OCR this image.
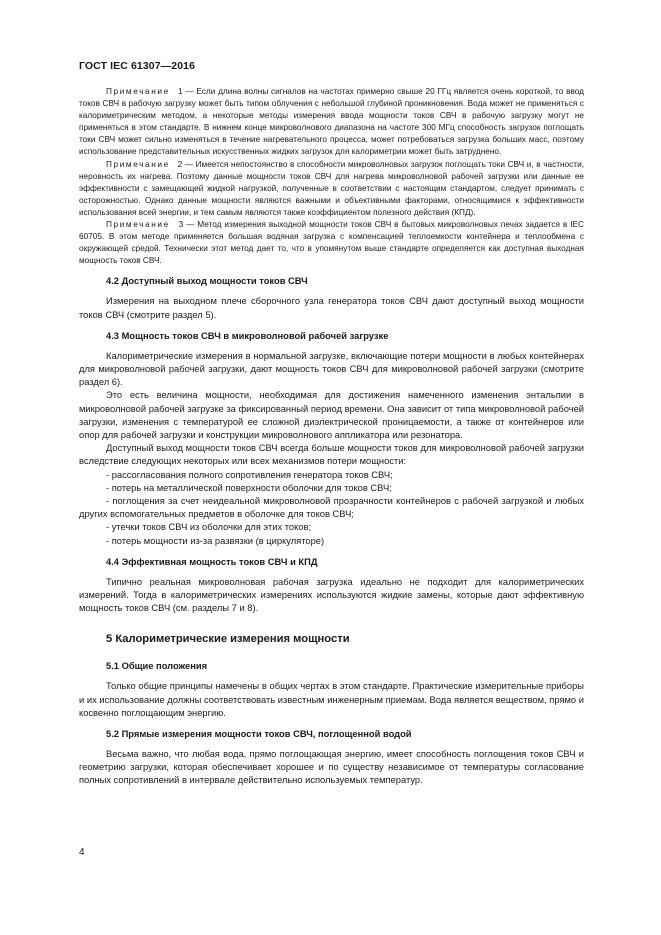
ГОСТ IEC 61307—2016

Примечание 1 — Если длина волны сигналов на частотах примерно свыше 20 ГГц является очень короткой, то ввод токов СВЧ в рабочую загрузку может быть типом облучения с небольшой глубиной проникновения. Вода может не применяться с калориметрическим методом, а некоторые методы измерения ввода мощности токов СВЧ в рабочую загрузку могут не применяться в этом стандарте. В нижнем конце микроволнового диапазона на частоте 300 МГц способность загрузок поглощать токи СВЧ может сильно изменяться в течение нагревательного процесса, может потребоваться загрузка больших масс, поэтому использование представительных искусственных жидких загрузок для калориметрии может быть затруднено.

Примечание 2 — Имеется непостоянство в способности микроволновых загрузок поглощать токи СВЧ и, в частности, неровность их нагрева. Поэтому данные мощности токов СВЧ для нагрева микроволновой рабочей загрузки или данные ее эффективности с замещающей жидкой нагрузкой, полученные в соответствии с настоящим стандартом, следует принимать с осторожностью. Однако данные мощности являются важными и объективными факторами, относящимися к эффективности использования всей энергии, и тем самым являются также коэффициентом полезного действия (КПД).

Примечание 3 — Метод измерения выходной мощности токов СВЧ в бытовых микроволновых печах задается в IEC 60705. В этом методе применяется большая водяная загрузка с компенсацией теплоемкости контейнера и теплообмена с окружающей средой. Технически этот метод дает то, что в упомянутом выше стандарте определяется как доступная выходная мощность токов СВЧ.

4.2 Доступный выход мощности токов СВЧ

Измерения на выходном плече сборочного узла генератора токов СВЧ дают доступный выход мощности токов СВЧ (смотрите раздел 5).

4.3 Мощность токов СВЧ в микроволновой рабочей загрузке

Калориметрические измерения в нормальной загрузке, включающие потери мощности в любых контейнерах для микроволновой рабочей загрузки, дают мощность токов СВЧ для микроволновой рабочей загрузки (смотрите раздел 6).

Это есть величина мощности, необходимая для достижения намеченного изменения энтальпии в микроволновой рабочей загрузке за фиксированный период времени. Она зависит от типа микроволновой рабочей загрузки, изменения с температурой ее сложной диэлектрической проницаемости, а также от контейнеров или опор для рабочей загрузки и конструкции микроволнового аппликатора или резонатора.

Доступный выход мощности токов СВЧ всегда больше мощности токов для микроволновой рабочей загрузки вследствие следующих некоторых или всех механизмов потери мощности:

- рассогласования полного сопротивления генератора токов СВЧ;

- потерь на металлической поверхности оболочки для токов СВЧ;

- поглощения за счет неидеальной микроволновой прозрачности контейнеров с рабочей загрузкой и любых других вспомогательных предметов в оболочке для токов СВЧ;

- утечки токов СВЧ из оболочки для этих токов;

- потерь мощности из-за развязки (в циркуляторе)

4.4 Эффективная мощность токов СВЧ и КПД

Типично реальная микроволновая рабочая загрузка идеально не подходит для калориметрических измерений. Тогда в калориметрических измерениях используются жидкие замены, которые дают эффективную мощность токов СВЧ (см. разделы 7 и 8).

5 Калориметрические измерения мощности

5.1 Общие положения

Только общие принципы намечены в общих чертах в этом стандарте. Практические измерительные приборы и их использование должны соответствовать известным инженерным приемам. Вода является веществом, прямо и косвенно поглощающим энергию.

5.2 Прямые измерения мощности токов СВЧ, поглощенной водой

Весьма важно, что любая вода, прямо поглощающая энергию, имеет способность поглощения токов СВЧ и геометрию загрузки, которая обеспечивает хорошее и по существу независимое от температуры согласование полных сопротивлений в интервале действительно используемых температур.

4
